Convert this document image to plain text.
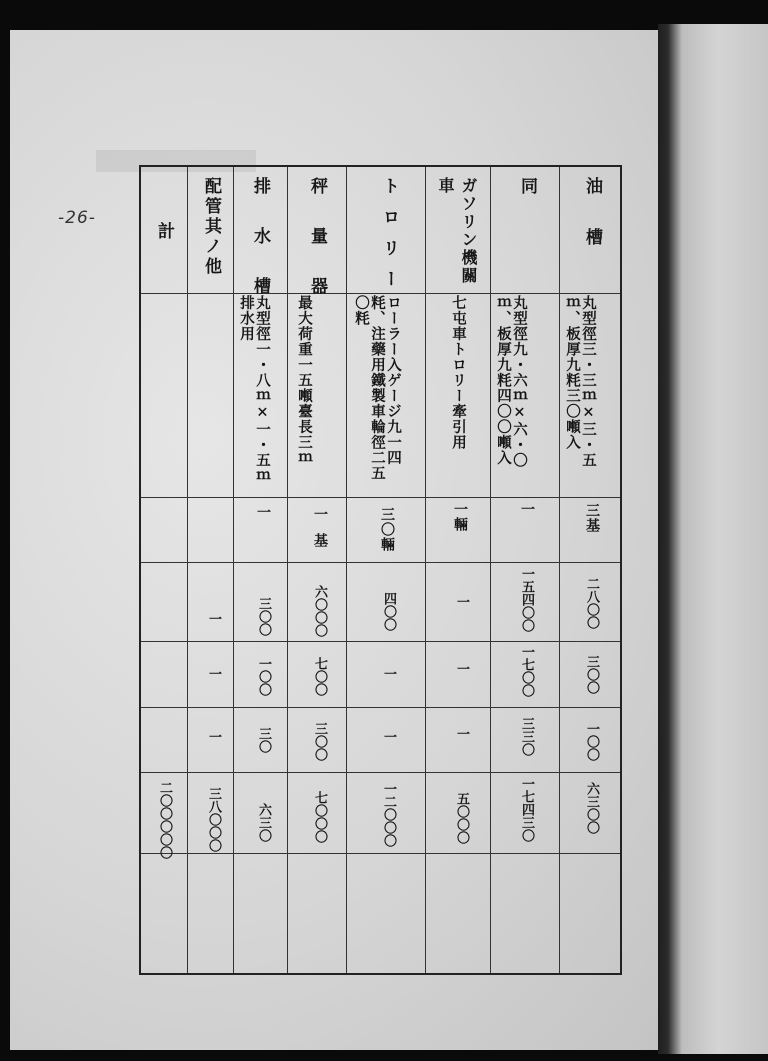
-26-
計
二〇〇〇〇〇
配管其ノ他
一
一
一
三八〇〇〇
排　水　槽
丸型徑一・八ｍ×一・五ｍ排水用
一
三〇〇
一〇〇
三〇
六三〇
秤　量　器
最大荷重一五噸臺長三ｍ
一基
六〇〇〇
七〇〇
三〇〇
七〇〇〇
トロリー
ローラー入ゲージ九一四粍、注藥用鐵製車輪徑二五〇粍
三〇輛
四〇〇
一
一
一二〇〇〇
ガソリン機關車
七屯車トロリー牽引用
一輛
一
一
一
五〇〇〇
同
丸型徑九・六ｍ×六・〇ｍ、板厚九粍四〇〇噸入
一
一五四〇〇
一七〇〇
三三〇
一七四三〇
油　　槽
丸型徑三・三ｍ×三・五ｍ、板厚九粍三〇噸入
三基
二八〇〇
三〇〇
一〇〇
六三〇〇
